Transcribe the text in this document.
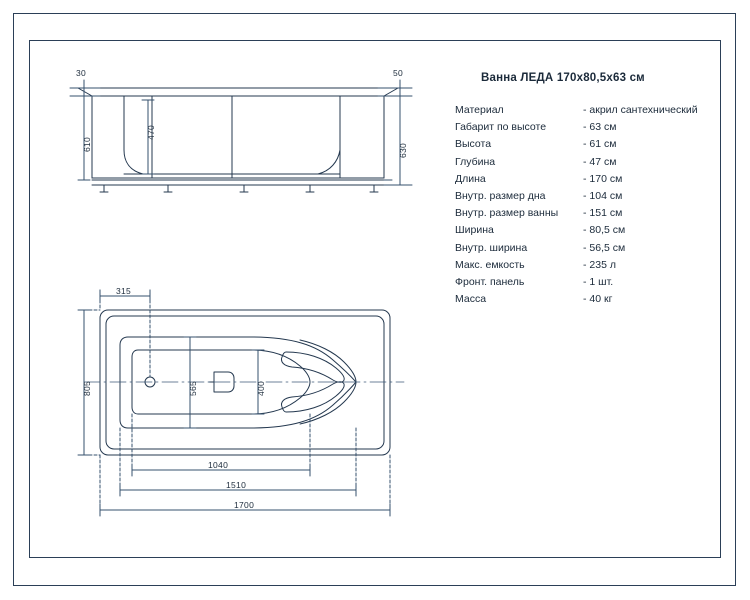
Ванна ЛЕДА 170x80,5x63 см
Материал	- акрил сантехнический
Габарит по высоте	- 63 см
Высота	- 61 см
Глубина	- 47 см
Длина	- 170 см
Внутр. размер дна	- 104 см
Внутр. размер ванны	- 151 см
Ширина	- 80,5 см
Внутр. ширина	- 56,5 см
Макс. емкость	- 235 л
Фронт. панель	- 1 шт.
Масса	- 40 кг
30	50
470
610	630
315
805	565	400
1040
1510
1700
